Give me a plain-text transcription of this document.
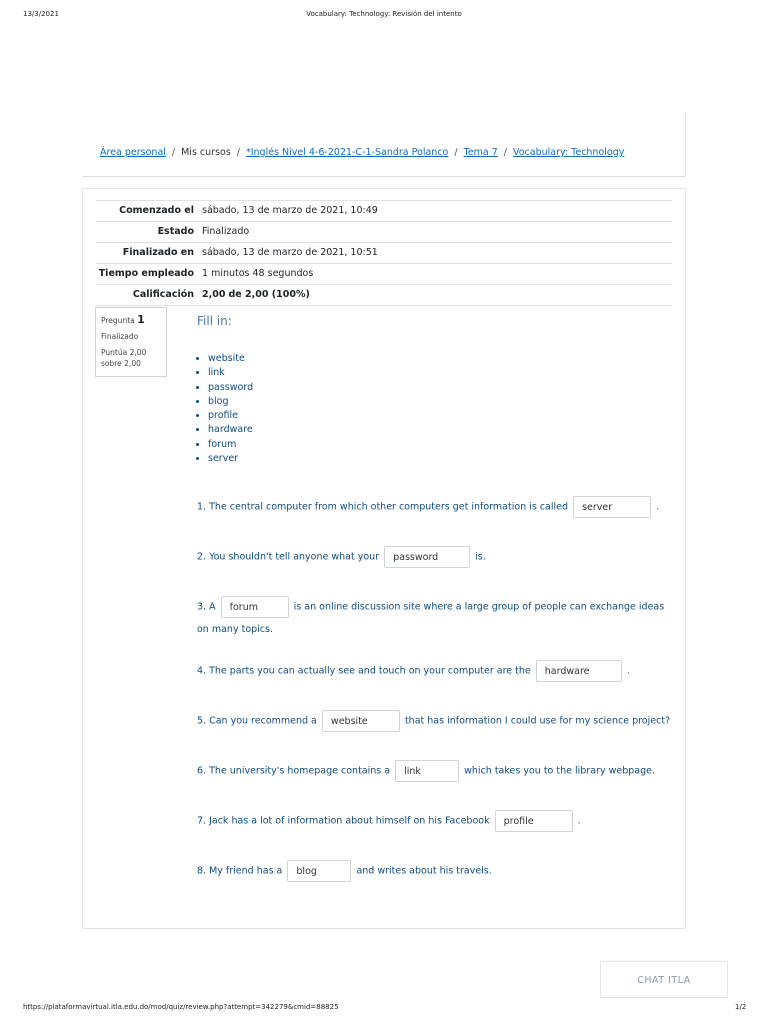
13/3/2021	Vocabulary: Technology: Revisión del intento
Área personal / Mis cursos / *Inglés Nivel 4-6-2021-C-1-Sandra Polanco / Tema 7 / Vocabulary: Technology
Comenzado el	sábado, 13 de marzo de 2021, 10:49
Estado	Finalizado
Finalizado en	sábado, 13 de marzo de 2021, 10:51
Tiempo empleado	1 minutos 48 segundos
Calificación	2,00 de 2,00 (100%)
Pregunta 1
Finalizado
Puntúa 2,00 sobre 2,00
Fill in:
• website
• link
• password
• blog
• profile
• hardware
• forum
• server
1. The central computer from which other computers get information is called server	.
2. You shouldn't tell anyone what your password	is.
3. A forum	is an online discussion site where a large group of people can exchange ideas on many topics.
4. The parts you can actually see and touch on your computer are the hardware	.
5. Can you recommend a website	that has information I could use for my science project?
6. The university's homepage contains a link	which takes you to the library webpage.
7. Jack has a lot of information about himself on his Facebook profile	.
8. My friend has a blog	and writes about his travels.
CHAT ITLA
https://plataformavirtual.itla.edu.do/mod/quiz/review.php?attempt=342279&cmid=88825	1/2
